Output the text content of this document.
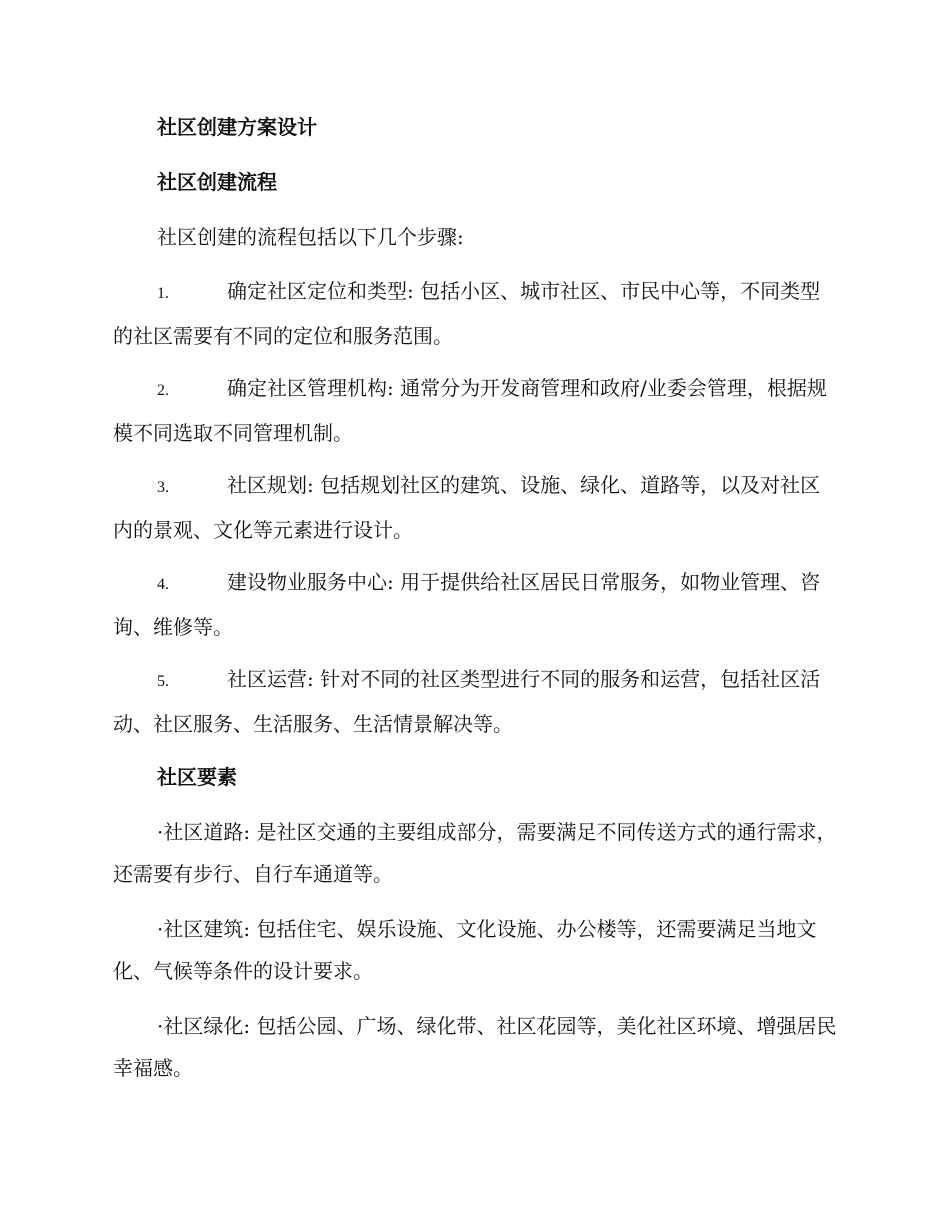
社区创建方案设计
社区创建流程

社区创建的流程包括以下几个步骤:

1.	确定社区定位和类型: 包括小区、城市社区、市民中心等，不同类型的社区需要有不同的定位和服务范围。

2.	确定社区管理机构: 通常分为开发商管理和政府/业委会管理，根据规模不同选取不同管理机制。

3.	社区规划: 包括规划社区的建筑、设施、绿化、道路等，以及对社区内的景观、文化等元素进行设计。

4.	建设物业服务中心: 用于提供给社区居民日常服务，如物业管理、咨询、维修等。

5.	社区运营: 针对不同的社区类型进行不同的服务和运营，包括社区活动、社区服务、生活服务、生活情景解决等。

社区要素

·社区道路: 是社区交通的主要组成部分，需要满足不同传送方式的通行需求，还需要有步行、自行车通道等。

·社区建筑: 包括住宅、娱乐设施、文化设施、办公楼等，还需要满足当地文化、气候等条件的设计要求。

·社区绿化: 包括公园、广场、绿化带、社区花园等，美化社区环境、增强居民幸福感。
